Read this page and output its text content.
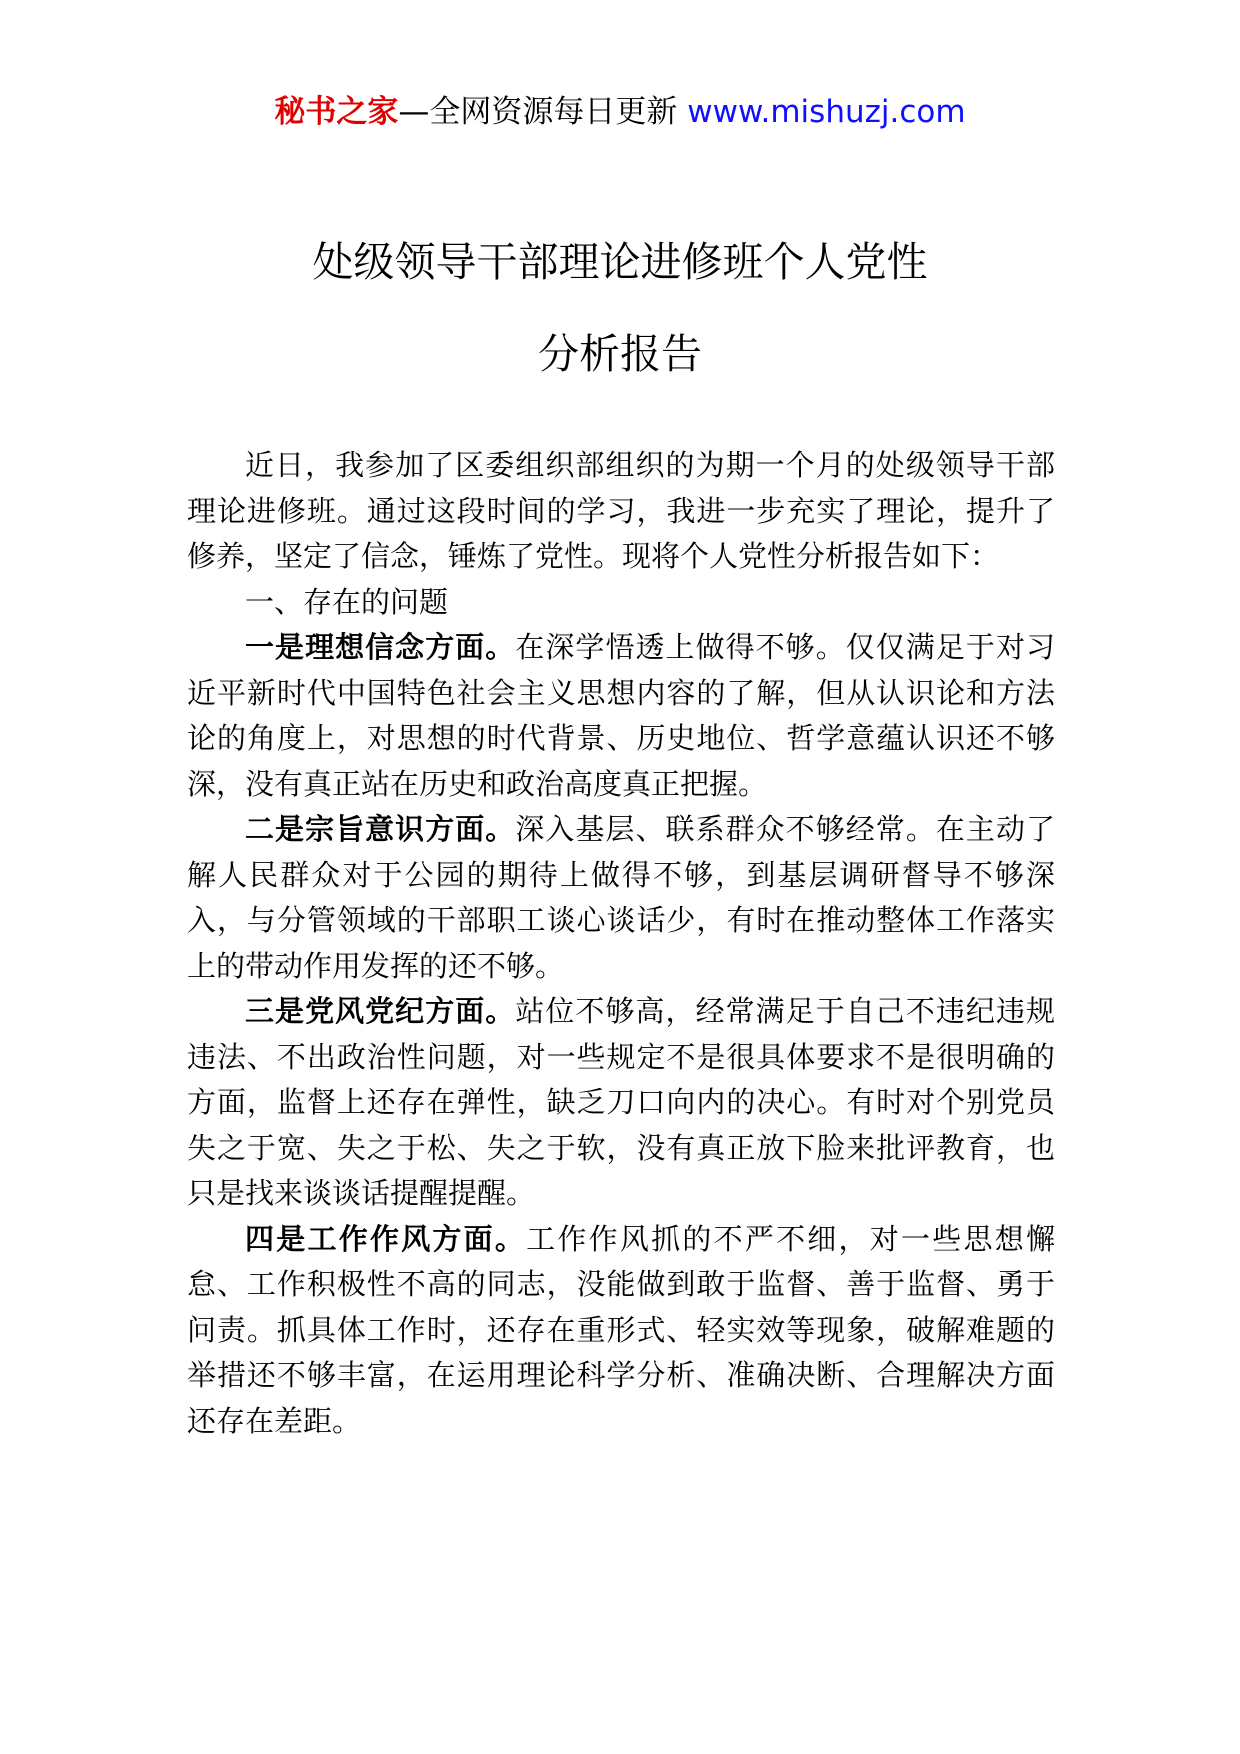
秘书之家—全网资源每日更新 www.mishuzj.com
处级领导干部理论进修班个人党性
分析报告

近日，我参加了区委组织部组织的为期一个月的处级领导干部理论进修班。通过这段时间的学习，我进一步充实了理论，提升了修养，坚定了信念，锤炼了党性。现将个人党性分析报告如下：

一、存在的问题

一是理想信念方面。在深学悟透上做得不够。仅仅满足于对习近平新时代中国特色社会主义思想内容的了解，但从认识论和方法论的角度上，对思想的时代背景、历史地位、哲学意蕴认识还不够深，没有真正站在历史和政治高度真正把握。

二是宗旨意识方面。深入基层、联系群众不够经常。在主动了解人民群众对于公园的期待上做得不够，到基层调研督导不够深入，与分管领域的干部职工谈心谈话少，有时在推动整体工作落实上的带动作用发挥的还不够。

三是党风党纪方面。站位不够高，经常满足于自己不违纪违规违法、不出政治性问题，对一些规定不是很具体要求不是很明确的方面，监督上还存在弹性，缺乏刀口向内的决心。有时对个别党员失之于宽、失之于松、失之于软，没有真正放下脸来批评教育，也只是找来谈谈话提醒提醒。

四是工作作风方面。工作作风抓的不严不细，对一些思想懈怠、工作积极性不高的同志，没能做到敢于监督、善于监督、勇于问责。抓具体工作时，还存在重形式、轻实效等现象，破解难题的举措还不够丰富，在运用理论科学分析、准确决断、合理解决方面还存在差距。
